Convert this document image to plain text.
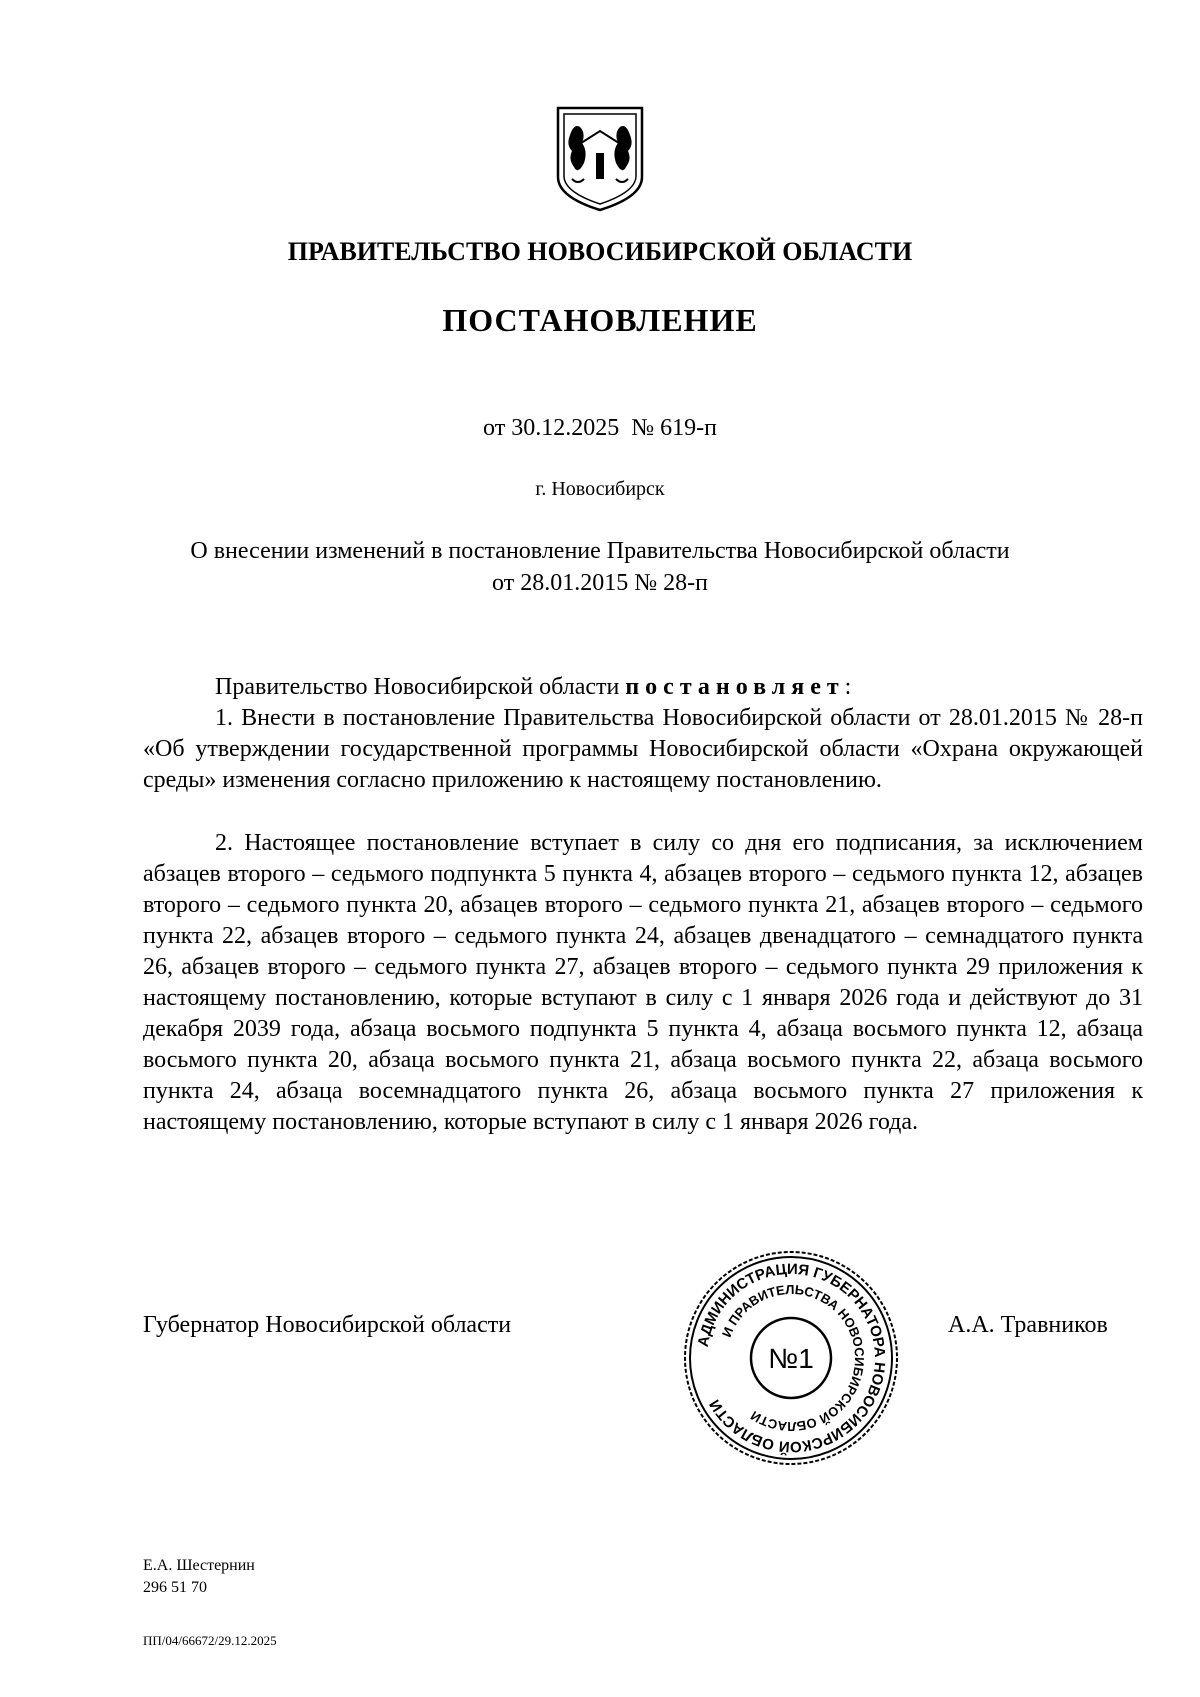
ПРАВИТЕЛЬСТВО НОВОСИБИРСКОЙ ОБЛАСТИ
ПОСТАНОВЛЕНИЕ
от 30.12.2025  № 619-п
г. Новосибирск
О внесении изменений в постановление Правительства Новосибирской области
от 28.01.2015 № 28-п
Правительство Новосибирской области постановляет:
1. Внести в постановление Правительства Новосибирской области от 28.01.2015 № 28-п «Об утверждении государственной программы Новосибирской области «Охрана окружающей среды» изменения согласно приложению к настоящему постановлению.
2. Настоящее постановление вступает в силу со дня его подписания, за исключением абзацев второго – седьмого подпункта 5 пункта 4, абзацев второго – седьмого пункта 12, абзацев второго – седьмого пункта 20, абзацев второго – седьмого пункта 21, абзацев второго – седьмого пункта 22, абзацев второго – седьмого пункта 24, абзацев двенадцатого – семнадцатого пункта 26, абзацев второго – седьмого пункта 27, абзацев второго – седьмого пункта 29 приложения к настоящему постановлению, которые вступают в силу с 1 января 2026 года и действуют до 31 декабря 2039 года, абзаца восьмого подпункта 5 пункта 4, абзаца восьмого пункта 12, абзаца восьмого пункта 20, абзаца восьмого пункта 21, абзаца восьмого пункта 22, абзаца восьмого пункта 24, абзаца восемнадцатого пункта 26, абзаца восьмого пункта 27 приложения к настоящему постановлению, которые вступают в силу с 1 января 2026 года.
Губернатор Новосибирской области	А.А. Травников
АДМИНИСТРАЦИЯ ГУБЕРНАТОРА НОВОСИБИРСКОЙ ОБЛАСТИ
И ПРАВИТЕЛЬСТВА НОВОСИБИРСКОЙ ОБЛАСТИ
№1
Е.А. Шестернин
296 51 70
ПП/04/66672/29.12.2025
